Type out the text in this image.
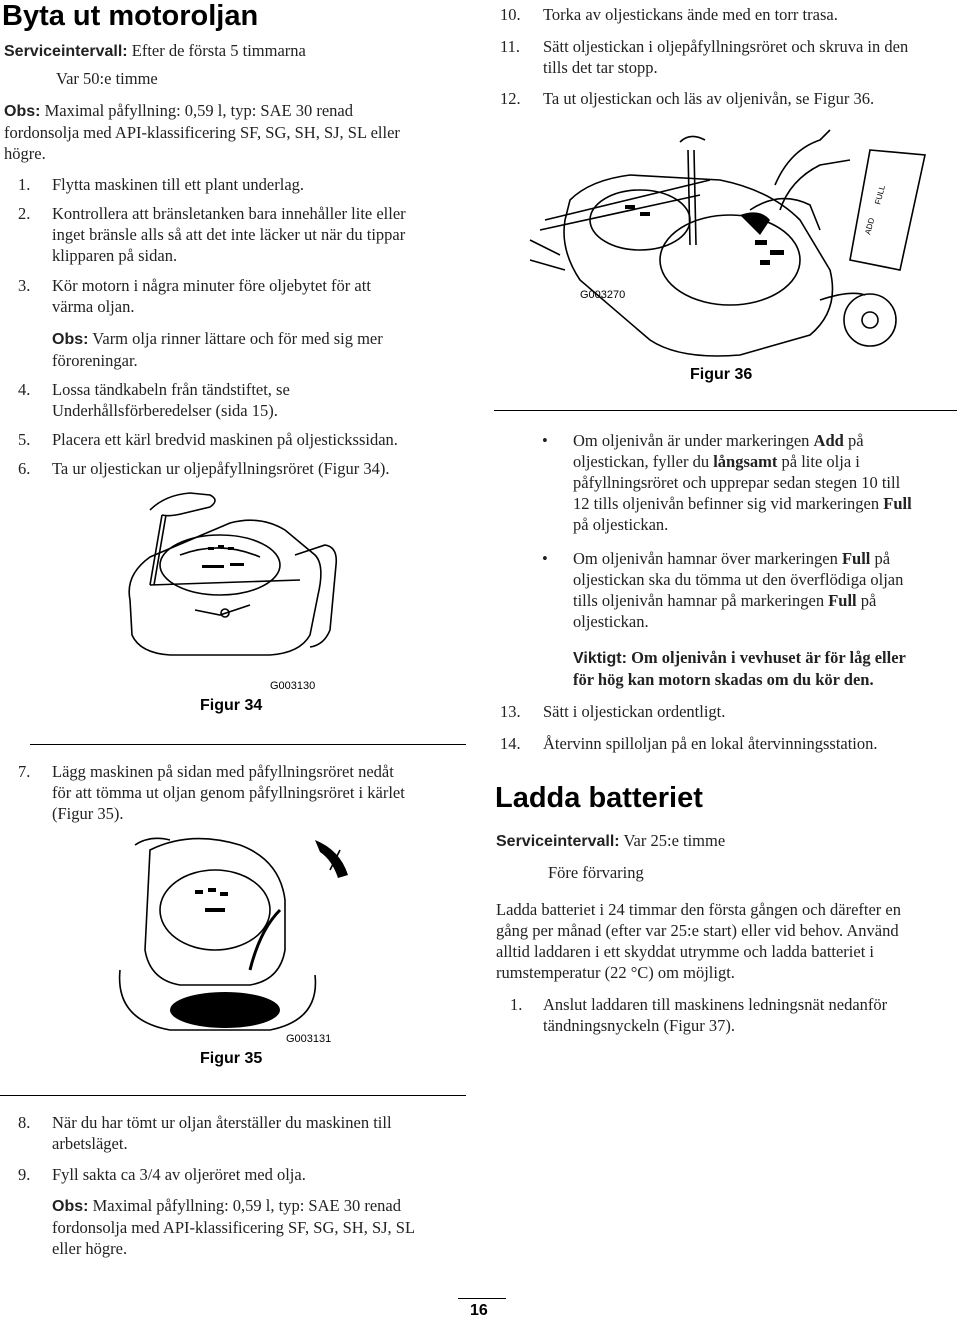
Byta ut motoroljan
Serviceintervall: Efter de första 5 timmarna
Var 50:e timme
Obs: Maximal påfyllning: 0,59 l, typ: SAE 30 renad
fordonsolja med API-klassificering SF, SG, SH, SJ, SL eller
högre.
1. Flytta maskinen till ett plant underlag.
2. Kontrollera att bränsletanken bara innehåller lite eller
inget bränsle alls så att det inte läcker ut när du tippar
klipparen på sidan.
3. Kör motorn i några minuter före oljebytet för att
värma oljan.
Obs: Varm olja rinner lättare och för med sig mer
föroreningar.
4. Lossa tändkabeln från tändstiftet, se
Underhållsförberedelser (sida 15).
5. Placera ett kärl bredvid maskinen på oljestickssidan.
6. Ta ur oljestickan ur oljepåfyllningsröret (Figur 34).
G003130
Figur 34
7. Lägg maskinen på sidan med påfyllningsröret nedåt
för att tömma ut oljan genom påfyllningsröret i kärlet
(Figur 35).
G003131
Figur 35
8. När du har tömt ur oljan återställer du maskinen till
arbetsläget.
9. Fyll sakta ca 3/4 av oljeröret med olja.
Obs: Maximal påfyllning: 0,59 l, typ: SAE 30 renad
fordonsolja med API-klassificering SF, SG, SH, SJ, SL
eller högre.
10. Torka av oljestickans ände med en torr trasa.
11. Sätt oljestickan i oljepåfyllningsröret och skruva in den
tills det tar stopp.
12. Ta ut oljestickan och läs av oljenivån, se Figur 36.
ADD
FULL
G003270
Figur 36
• Om oljenivån är under markeringen Add på
oljestickan, fyller du långsamt på lite olja i
påfyllningsröret och upprepar sedan stegen 10 till
12 tills oljenivån befinner sig vid markeringen Full
på oljestickan.
• Om oljenivån hamnar över markeringen Full på
oljestickan ska du tömma ut den överflödiga oljan
tills oljenivån hamnar på markeringen Full på
oljestickan.
Viktigt: Om oljenivån i vevhuset är för låg eller
för hög kan motorn skadas om du kör den.
13. Sätt i oljestickan ordentligt.
14. Återvinn spilloljan på en lokal återvinningsstation.
Ladda batteriet
Serviceintervall: Var 25:e timme
Före förvaring
Ladda batteriet i 24 timmar den första gången och därefter en
gång per månad (efter var 25:e start) eller vid behov. Använd
alltid laddaren i ett skyddat utrymme och ladda batteriet i
rumstemperatur (22 °C) om möjligt.
1. Anslut laddaren till maskinens ledningsnät nedanför
tändningsnyckeln (Figur 37).
16
